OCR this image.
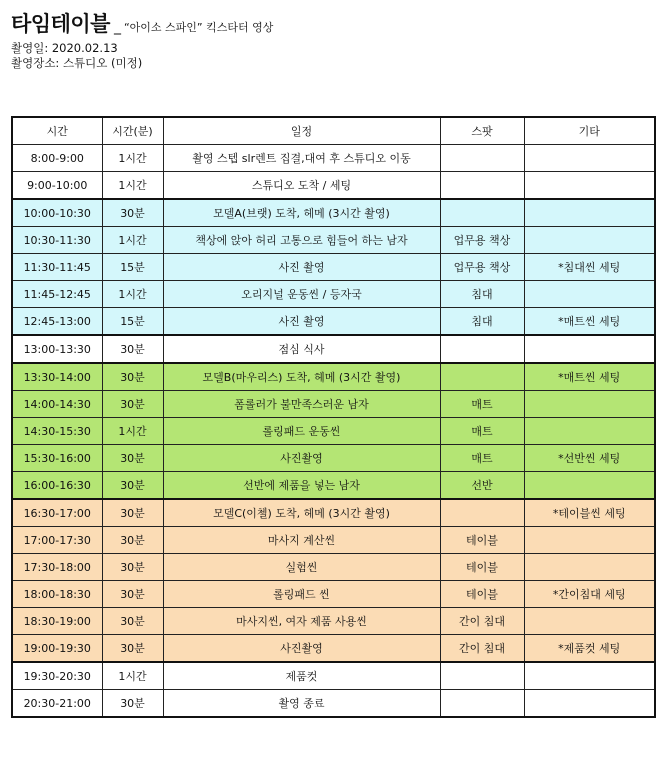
타임테이블 _ “아이소 스파인” 킥스타터 영상
촬영일: 2020.02.13
촬영장소: 스튜디오 (미정)
시간	시간(분)	일정	스팟	기타
8:00-9:00	1시간	촬영 스텝 slr렌트 집결,대여 후 스튜디오 이동		
9:00-10:00	1시간	스튜디오 도착 / 세팅		
10:00-10:30	30분	모델A(브랫) 도착, 헤메 (3시간 촬영)		
10:30-11:30	1시간	책상에 앉아 허리 고통으로 힘들어 하는 남자	업무용 책상	
11:30-11:45	15분	사진 촬영	업무용 책상	*침대씬 세팅
11:45-12:45	1시간	오리지널 운동씬 / 등자국	침대	
12:45-13:00	15분	사진 촬영	침대	*매트씬 세팅
13:00-13:30	30분	점심 식사		
13:30-14:00	30분	모델B(마우리스) 도착, 헤메 (3시간 촬영)		*매트씬 세팅
14:00-14:30	30분	폼롤러가 불만족스러운 남자	매트	
14:30-15:30	1시간	롤링패드 운동씬	매트	
15:30-16:00	30분	사진촬영	매트	*선반씬 세팅
16:00-16:30	30분	선반에 제품을 넣는 남자	선반	
16:30-17:00	30분	모델C(이첼) 도착, 헤메 (3시간 촬영)		*테이블씬 세팅
17:00-17:30	30분	마사지 계산씬	테이블	
17:30-18:00	30분	실험씬	테이블	
18:00-18:30	30분	롤링패드 씬	테이블	*간이침대 세팅
18:30-19:00	30분	마사지씬, 여자 제품 사용씬	간이 침대	
19:00-19:30	30분	사진촬영	간이 침대	*제품컷 세팅
19:30-20:30	1시간	제품컷		
20:30-21:00	30분	촬영 종료		
